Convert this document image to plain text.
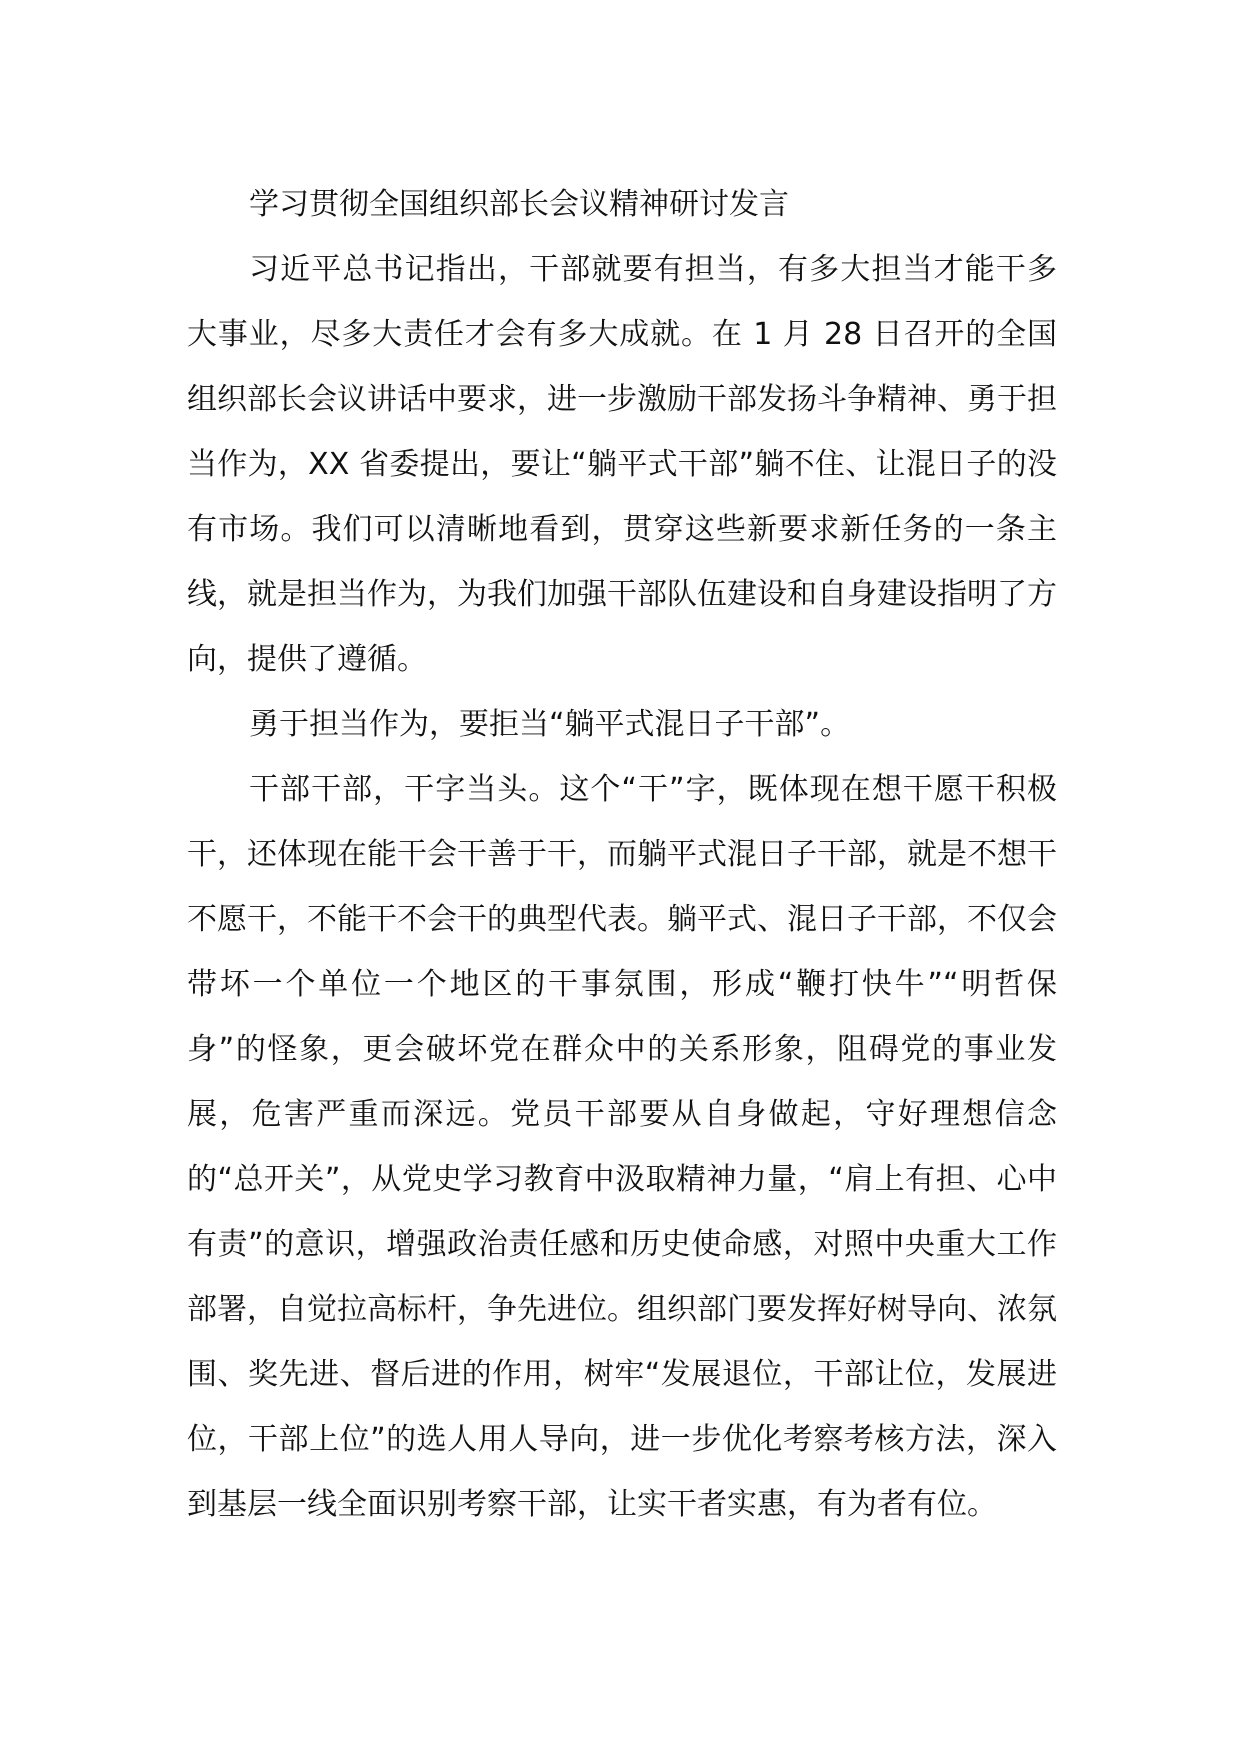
学习贯彻全国组织部长会议精神研讨发言

习近平总书记指出，干部就要有担当，有多大担当才能干多大事业，尽多大责任才会有多大成就。在 1 月 28 日召开的全国组织部长会议讲话中要求，进一步激励干部发扬斗争精神、勇于担当作为，XX 省委提出，要让“躺平式干部”躺不住、让混日子的没有市场。我们可以清晰地看到，贯穿这些新要求新任务的一条主线，就是担当作为，为我们加强干部队伍建设和自身建设指明了方向，提供了遵循。

勇于担当作为，要拒当“躺平式混日子干部”。

干部干部，干字当头。这个“干”字，既体现在想干愿干积极干，还体现在能干会干善于干，而躺平式混日子干部，就是不想干不愿干，不能干不会干的典型代表。躺平式、混日子干部，不仅会带坏一个单位一个地区的干事氛围，形成“鞭打快牛”“明哲保身”的怪象，更会破坏党在群众中的关系形象，阻碍党的事业发展，危害严重而深远。党员干部要从自身做起，守好理想信念的“总开关”，从党史学习教育中汲取精神力量，“肩上有担、心中有责”的意识，增强政治责任感和历史使命感，对照中央重大工作部署，自觉拉高标杆，争先进位。组织部门要发挥好树导向、浓氛围、奖先进、督后进的作用，树牢“发展退位，干部让位，发展进位，干部上位”的选人用人导向，进一步优化考察考核方法，深入到基层一线全面识别考察干部，让实干者实惠，有为者有位。
